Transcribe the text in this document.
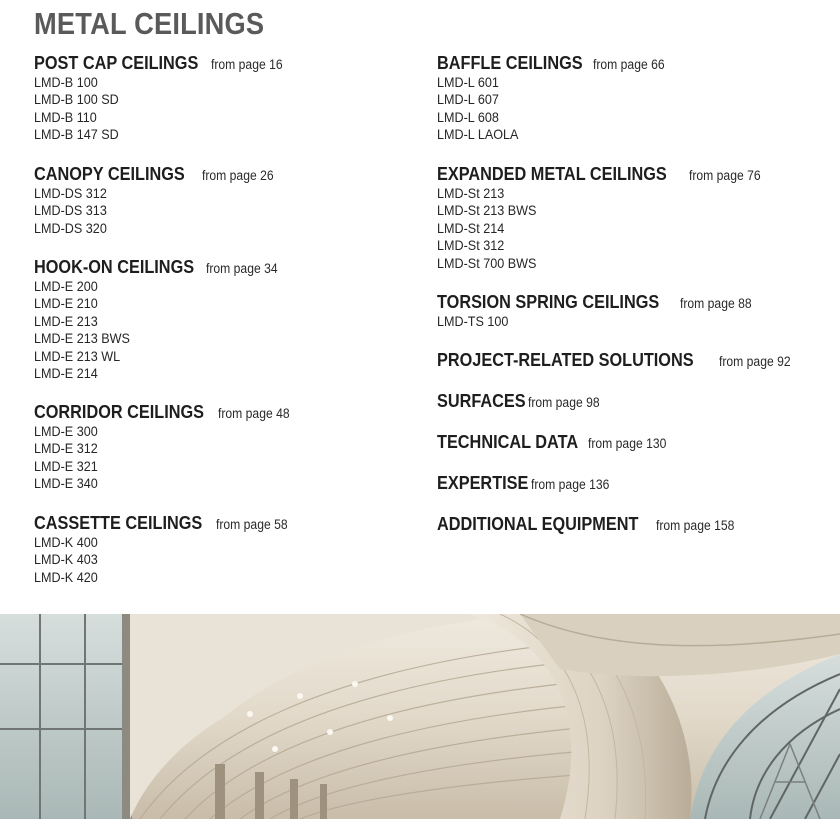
METAL CEILINGS
POST CAP CEILINGS from page 16
LMD-B 100
LMD-B 100 SD
LMD-B 110
LMD-B 147 SD
CANOPY CEILINGS from page 26
LMD-DS 312
LMD-DS 313
LMD-DS 320
HOOK-ON CEILINGS from page 34
LMD-E 200
LMD-E 210
LMD-E 213
LMD-E 213 BWS
LMD-E 213 WL
LMD-E 214
CORRIDOR CEILINGS from page 48
LMD-E 300
LMD-E 312
LMD-E 321
LMD-E 340
CASSETTE CEILINGS from page 58
LMD-K 400
LMD-K 403
LMD-K 420
BAFFLE CEILINGS from page 66
LMD-L 601
LMD-L 607
LMD-L 608
LMD-L LAOLA
EXPANDED METAL CEILINGS from page 76
LMD-St 213
LMD-St 213 BWS
LMD-St 214
LMD-St 312
LMD-St 700 BWS
TORSION SPRING CEILINGS from page 88
LMD-TS 100
PROJECT-RELATED SOLUTIONS from page 92
SURFACES from page 98
TECHNICAL DATA from page 130
EXPERTISE from page 136
ADDITIONAL EQUIPMENT from page 158
